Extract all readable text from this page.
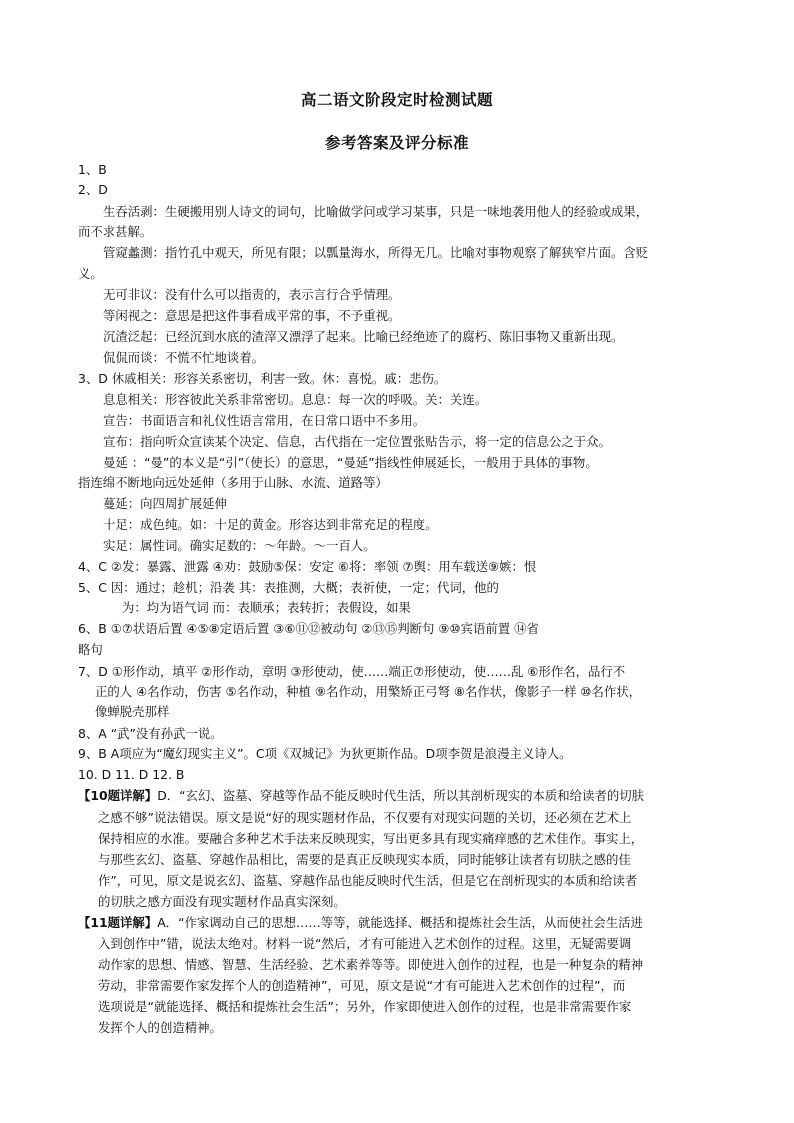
高二语文阶段定时检测试题
参考答案及评分标准
1、B
2、D
生吞活剥：生硬搬用别人诗文的词句，比喻做学问或学习某事，只是一味地袭用他人的经验或成果，
而不求甚解。
管窥蠡测：指竹孔中观天，所见有限；以瓢量海水，所得无几。比喻对事物观察了解狭窄片面。含贬
义。
无可非议：没有什么可以指责的，表示言行合乎情理。
等闲视之：意思是把这件事看成平常的事，不予重视。
沉渣泛起：已经沉到水底的渣滓又漂浮了起来。比喻已经绝迹了的腐朽、陈旧事物又重新出现。
侃侃而谈：不慌不忙地谈着。
3、D 休戚相关：形容关系密切，利害一致。休：喜悦。戚：悲伤。
息息相关：形容彼此关系非常密切。息息：每一次的呼吸。关：关连。
宣告：书面语言和礼仪性语言常用，在日常口语中不多用。
宣布：指向听众宣读某个决定、信息，古代指在一定位置张贴告示，将一定的信息公之于众。
曼延 ：“曼”的本义是“引”（使长）的意思，“曼延”指线性伸展延长，一般用于具体的事物。
指连绵不断地向远处延伸（多用于山脉、水流、道路等）
蔓延：向四周扩展延伸
十足：成色纯。如：十足的黄金。形容达到非常充足的程度。
实足：属性词。确实足数的：～年龄。～一百人。
4、C ②发：暴露、泄露 ④劝：鼓励⑤保：安定 ⑥将：率领 ⑦舆：用车载送⑨嫉：恨
5、C 因：通过；趁机；沿袭 其：表推测，大概；表祈使，一定；代词，他的
为：均为语气词 而：表顺承；表转折；表假设，如果
6、B ①⑦状语后置 ④⑤⑧定语后置 ③⑥⑪⑫被动句 ②⑬⑮判断句 ⑨⑩宾语前置 ⑭省
略句
7、D ①形作动，填平 ②形作动，章明 ③形使动，使……端正⑦形使动，使……乱 ⑥形作名，品行不
正的人 ④名作动，伤害 ⑤名作动，种植 ⑨名作动，用檠矫正弓弩 ⑧名作状，像影子一样 ⑩名作状，
像蝉脱壳那样
8、A “武”没有孙武一说。
9、B A项应为“魔幻现实主义”。C项《双城记》为狄更斯作品。D项李贺是浪漫主义诗人。
10. D 11. D 12. B
【10题详解】D．“玄幻、盗墓、穿越等作品不能反映时代生活，所以其剖析现实的本质和给读者的切肤
之感不够”说法错误。原文是说“好的现实题材作品，不仅要有对现实问题的关切，还必须在艺术上
保持相应的水准。要融合多种艺术手法来反映现实，写出更多具有现实痛痒感的艺术佳作。事实上，
与那些玄幻、盗墓、穿越作品相比，需要的是真正反映现实本质，同时能够让读者有切肤之感的佳
作”，可见，原文是说玄幻、盗墓、穿越作品也能反映时代生活，但是它在剖析现实的本质和给读者
的切肤之感方面没有现实题材作品真实深刻。
【11题详解】A．“作家调动自己的思想……等等，就能选择、概括和提炼社会生活，从而使社会生活进
入到创作中”错，说法太绝对。材料一说“然后，才有可能进入艺术创作的过程。这里，无疑需要调
动作家的思想、情感、智慧、生活经验、艺术素养等等。即使进入创作的过程，也是一种复杂的精神
劳动，非常需要作家发挥个人的创造精神”，可见，原文是说“才有可能进入艺术创作的过程”，而
选项说是“就能选择、概括和提炼社会生活”；另外，作家即使进入创作的过程，也是非常需要作家
发挥个人的创造精神。
